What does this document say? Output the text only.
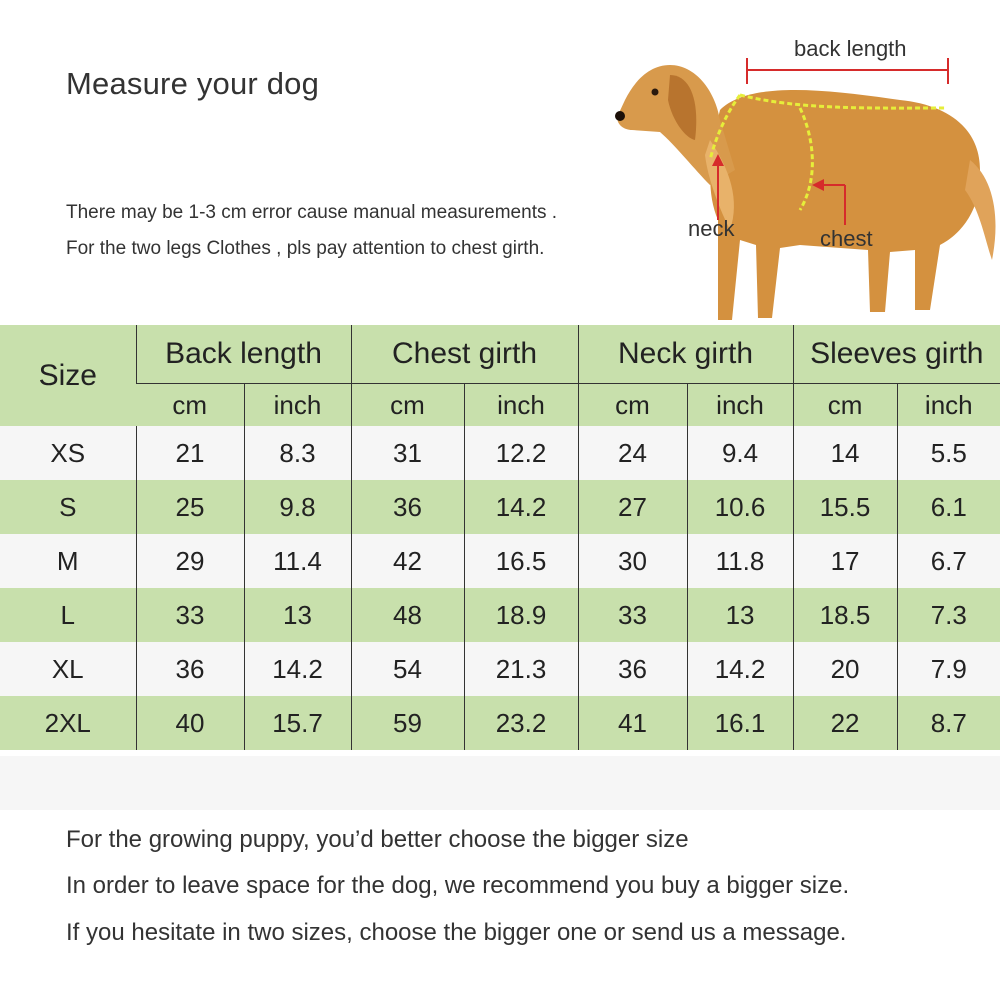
Measure your dog
There may be 1-3 cm error cause manual measurements .
For the two legs Clothes , pls pay attention to chest girth.
back length
neck	chest
Size	Back length		Chest girth		Neck girth		Sleeves girth	
	cm	inch	cm	inch	cm	inch	cm	inch
XS	21	8.3	31	12.2	24	9.4	14	5.5
S	25	9.8	36	14.2	27	10.6	15.5	6.1
M	29	11.4	42	16.5	30	11.8	17	6.7
L	33	13	48	18.9	33	13	18.5	7.3
XL	36	14.2	54	21.3	36	14.2	20	7.9
2XL	40	15.7	59	23.2	41	16.1	22	8.7
For the growing puppy, you’d better choose the bigger size
In order to leave space for the dog, we recommend you buy a bigger size.
If you hesitate in two sizes, choose the bigger one or send us a message.
